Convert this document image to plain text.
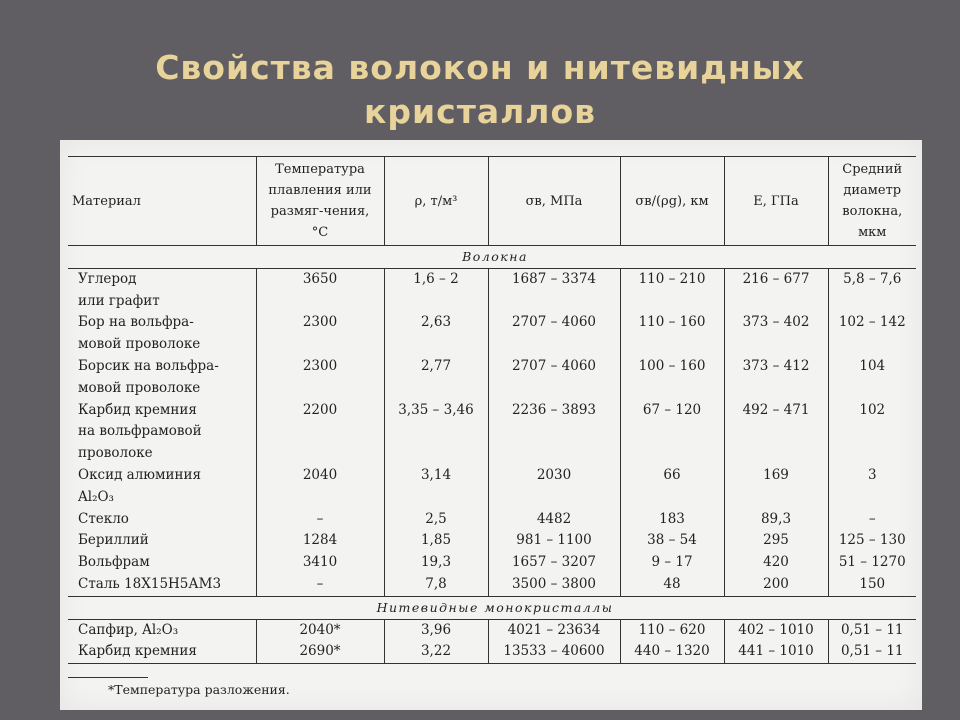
Свойства волокон и нитевидных
кристаллов
Материал	Температура плавления или размяг-чения, °С	ρ, т/м³	σв, МПа	σв/(ρg), км	E, ГПа	Средний диаметр волокна, мкм
Волокна						
Углерод	3650	1,6 – 2	1687 – 3374	110 – 210	216 – 677	5,8 – 7,6
или графит						
Бор на вольфра-	2300	2,63	2707 – 4060	110 – 160	373 – 402	102 – 142
мовой проволоке						
Борсик на вольфра-	2300	2,77	2707 – 4060	100 – 160	373 – 412	104
мовой проволоке						
Карбид кремния	2200	3,35 – 3,46	2236 – 3893	67 – 120	492 – 471	102
на вольфрамовой						
проволоке						
Оксид алюминия	2040	3,14	2030	66	169	3
Al₂O₃						
Стекло	–	2,5	4482	183	89,3	–
Бериллий	1284	1,85	981 – 1100	38 – 54	295	125 – 130
Вольфрам	3410	19,3	1657 – 3207	9 – 17	420	51 – 1270
Сталь 18Х15Н5АМ3	–	7,8	3500 – 3800	48	200	150
Нитевидные монокристаллы						
Сапфир, Al₂O₃	2040*	3,96	4021 – 23634	110 – 620	402 – 1010	0,51 – 11
Карбид кремния	2690*	3,22	13533 – 40600	440 – 1320	441 – 1010	0,51 – 11
*Температура разложения.
